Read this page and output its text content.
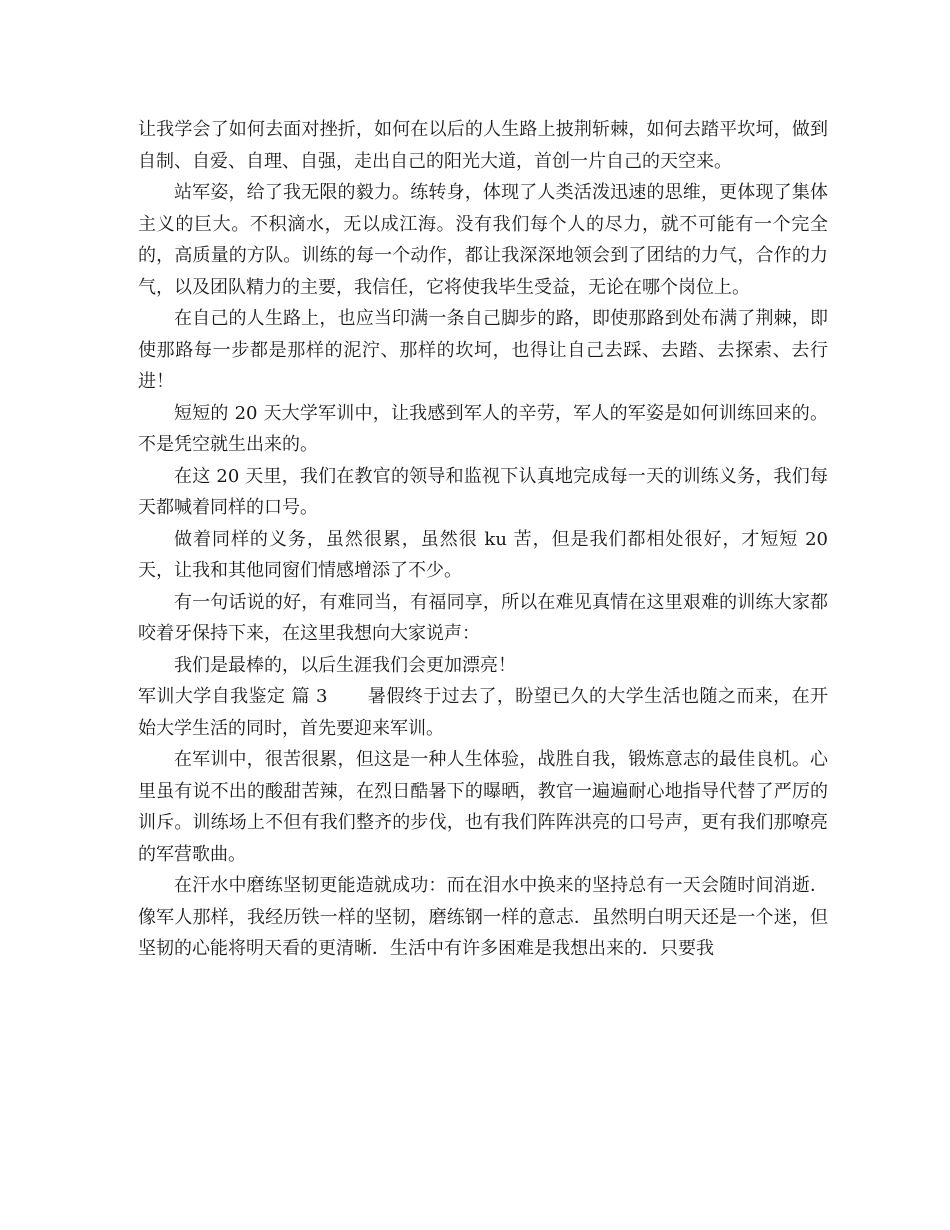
让我学会了如何去面对挫折，如何在以后的人生路上披荆斩棘，如何去踏平坎坷，做到自制、自爱、自理、自强，走出自己的阳光大道，首创一片自己的天空来。

站军姿，给了我无限的毅力。练转身，体现了人类活泼迅速的思维，更体现了集体主义的巨大。不积滴水，无以成江海。没有我们每个人的尽力，就不可能有一个完全的，高质量的方队。训练的每一个动作，都让我深深地领会到了团结的力气，合作的力气，以及团队精力的主要，我信任，它将使我毕生受益，无论在哪个岗位上。

在自己的人生路上，也应当印满一条自己脚步的路，即使那路到处布满了荆棘，即使那路每一步都是那样的泥泞、那样的坎坷，也得让自己去踩、去踏、去探索、去行进！

短短的 20 天大学军训中，让我感到军人的辛劳，军人的军姿是如何训练回来的。不是凭空就生出来的。

在这 20 天里，我们在教官的领导和监视下认真地完成每一天的训练义务，我们每天都喊着同样的口号。

做着同样的义务，虽然很累，虽然很 ku 苦，但是我们都相处很好，才短短 20 天，让我和其他同窗们情感增添了不少。

有一句话说的好，有难同当，有福同享，所以在难见真情在这里艰难的训练大家都咬着牙保持下来，在这里我想向大家说声：

我们是最棒的，以后生涯我们会更加漂亮！

军训大学自我鉴定 篇 3 暑假终于过去了，盼望已久的大学生活也随之而来，在开始大学生活的同时，首先要迎来军训。

在军训中，很苦很累，但这是一种人生体验，战胜自我，锻炼意志的最佳良机。心里虽有说不出的酸甜苦辣，在烈日酷暑下的曝晒，教官一遍遍耐心地指导代替了严厉的训斥。训练场上不但有我们整齐的步伐，也有我们阵阵洪亮的口号声，更有我们那嘹亮的军营歌曲。

在汗水中磨练坚韧更能造就成功：而在泪水中换来的坚持总有一天会随时间消逝．像军人那样，我经历铁一样的坚韧，磨练钢一样的意志．虽然明白明天还是一个迷，但坚韧的心能将明天看的更清晰．生活中有许多困难是我想出来的．只要我
